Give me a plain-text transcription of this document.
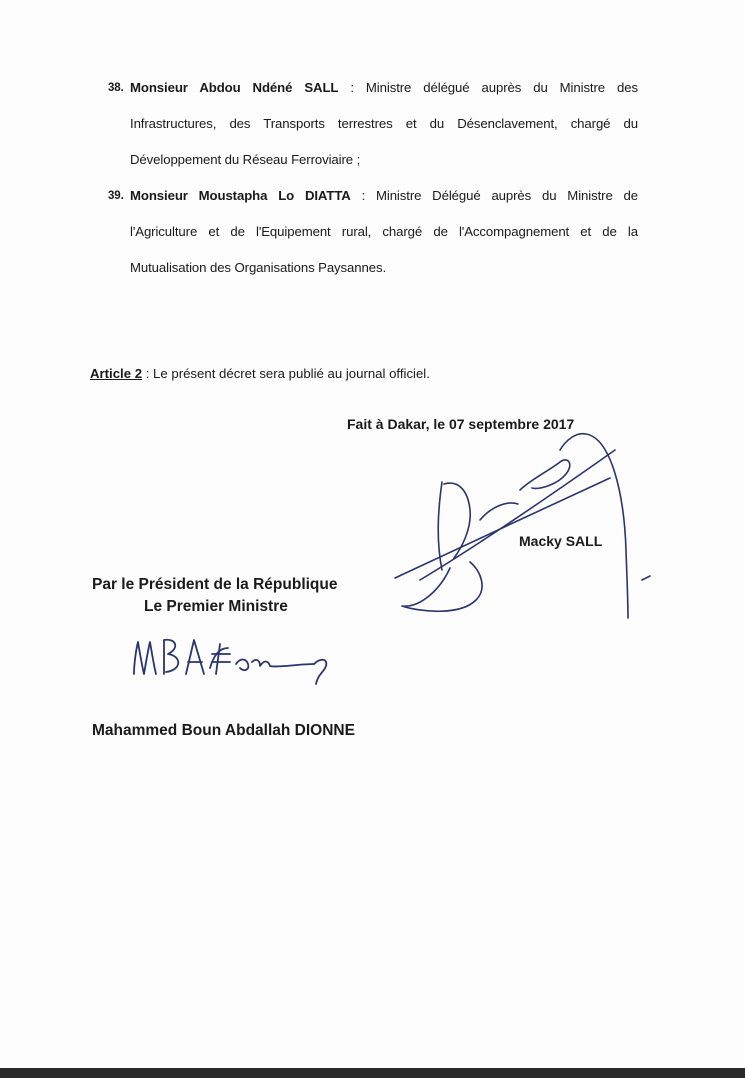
38. Monsieur Abdou Ndéné SALL : Ministre délégué auprès du Ministre des
Infrastructures, des Transports terrestres et du Désenclavement, chargé du
Développement du Réseau Ferroviaire ;
39. Monsieur Moustapha Lo DIATTA : Ministre Délégué auprès du Ministre de
l'Agriculture et de l'Equipement rural, chargé de l'Accompagnement et de la
Mutualisation des Organisations Paysannes.
Article 2 : Le présent décret sera publié au journal officiel.
Fait à Dakar, le 07 septembre 2017
Macky SALL
Par le Président de la République
Le Premier Ministre
Mahammed Boun Abdallah DIONNE
